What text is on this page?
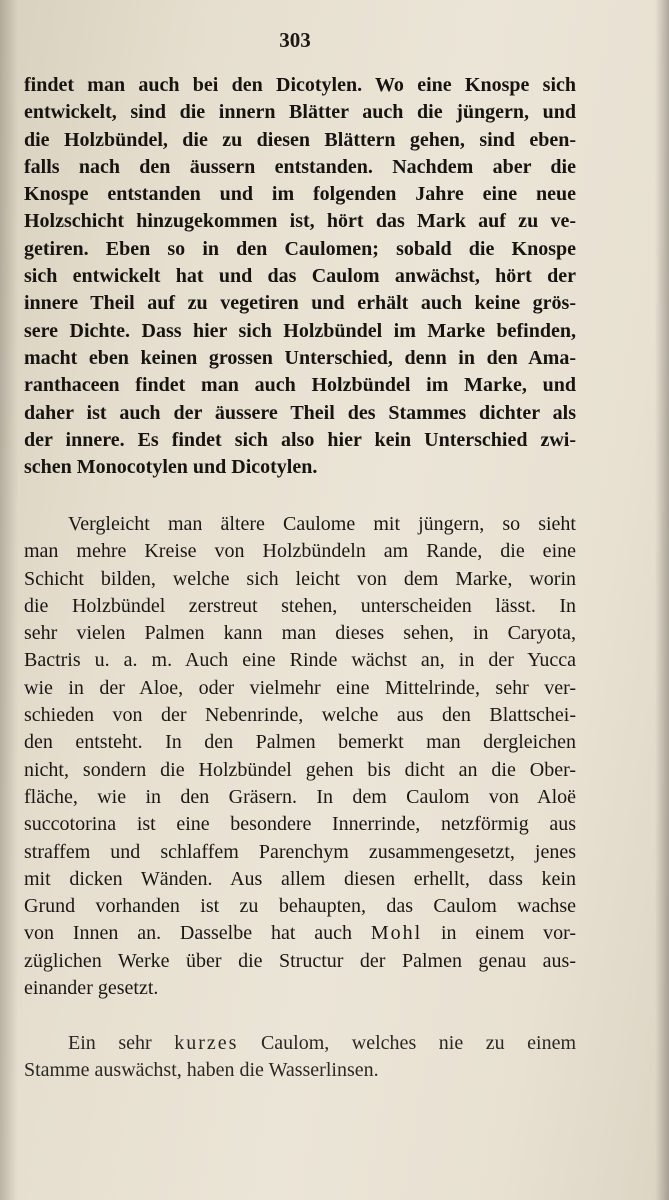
303
findet man auch bei den Dicotylen. Wo eine Knospe sich
entwickelt, sind die innern Blätter auch die jüngern, und
die Holzbündel, die zu diesen Blättern gehen, sind eben-
falls nach den äussern entstanden. Nachdem aber die
Knospe entstanden und im folgenden Jahre eine neue
Holzschicht hinzugekommen ist, hört das Mark auf zu ve-
getiren. Eben so in den Caulomen; sobald die Knospe
sich entwickelt hat und das Caulom anwächst, hört der
innere Theil auf zu vegetiren und erhält auch keine grös-
sere Dichte. Dass hier sich Holzbündel im Marke befinden,
macht eben keinen grossen Unterschied, denn in den Ama-
ranthaceen findet man auch Holzbündel im Marke, und
daher ist auch der äussere Theil des Stammes dichter als
der innere. Es findet sich also hier kein Unterschied zwi-
schen Monocotylen und Dicotylen.
Vergleicht man ältere Caulome mit jüngern, so sieht
man mehre Kreise von Holzbündeln am Rande, die eine
Schicht bilden, welche sich leicht von dem Marke, worin
die Holzbündel zerstreut stehen, unterscheiden lässt. In
sehr vielen Palmen kann man dieses sehen, in Caryota,
Bactris u. a. m. Auch eine Rinde wächst an, in der Yucca
wie in der Aloe, oder vielmehr eine Mittelrinde, sehr ver-
schieden von der Nebenrinde, welche aus den Blattschei-
den entsteht. In den Palmen bemerkt man dergleichen
nicht, sondern die Holzbündel gehen bis dicht an die Ober-
fläche, wie in den Gräsern. In dem Caulom von Aloë
succotorina ist eine besondere Innerrinde, netzförmig aus
straffem und schlaffem Parenchym zusammengesetzt, jenes
mit dicken Wänden. Aus allem diesen erhellt, dass kein
Grund vorhanden ist zu behaupten, das Caulom wachse
von Innen an. Dasselbe hat auch Mohl in einem vor-
züglichen Werke über die Structur der Palmen genau aus-
einander gesetzt.
Ein sehr kurzes Caulom, welches nie zu einem
Stamme auswächst, haben die Wasserlinsen.
